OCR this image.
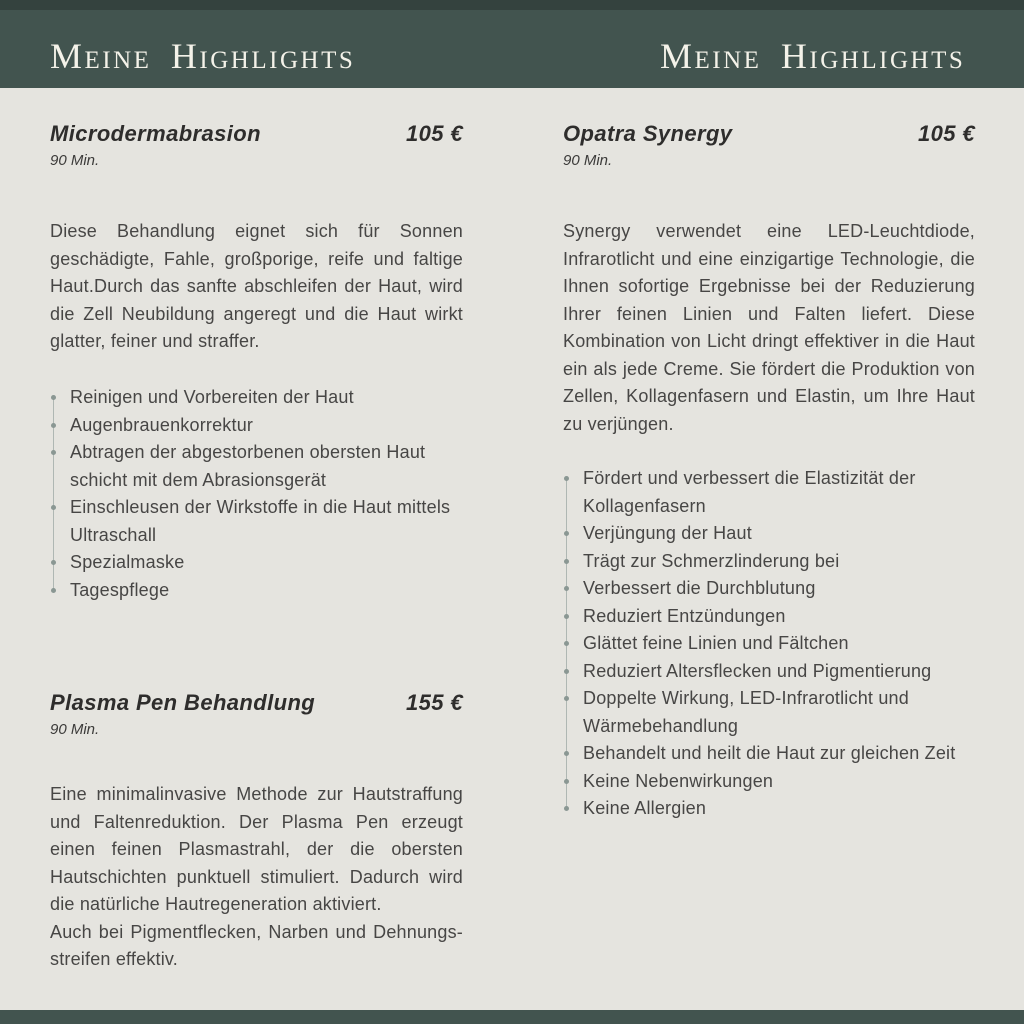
Meine Highlights	Meine Highlights
Microdermabrasion	105 €
90 Min.

Diese Behandlung eignet sich für Sonnen geschädigte, Fahle, großporige, reife und faltige Haut.Durch das sanfte abschleifen der Haut, wird die Zell Neubildung angeregt und die Haut wirkt glatter, feiner und straffer.

Reinigen und Vorbereiten der Haut
Augenbrauenkorrektur
Abtragen der abgestorbenen obersten Haut schicht mit dem Abrasionsgerät
Einschleusen der Wirkstoffe in die Haut mittels Ultraschall
Spezialmaske
Tagespflege
Plasma Pen Behandlung	155 €
90 Min.

Eine minimalinvasive Methode zur Hautstraffung und Faltenreduktion. Der Plasma Pen erzeugt einen feinen Plasmastrahl, der die obersten Hautschichten punktuell stimuliert. Dadurch wird die natürliche Hautregeneration aktiviert.
Auch bei Pigmentflecken, Narben und Dehnungs-streifen effektiv.

Opatra Synergy	105 €
90 Min.

Synergy verwendet eine LED-Leuchtdiode, Infrarotlicht und eine einzigartige Technologie, die Ihnen sofortige Ergebnisse bei der Reduzierung Ihrer feinen Linien und Falten liefert. Diese Kombination von Licht dringt effektiver in die Haut ein als jede Creme. Sie fördert die Produktion von Zellen, Kollagenfasern und Elastin, um Ihre Haut zu verjüngen.

Fördert und verbessert die Elastizität der Kollagenfasern
Verjüngung der Haut
Trägt zur Schmerzlinderung bei
Verbessert die Durchblutung
Reduziert Entzündungen
Glättet feine Linien und Fältchen
Reduziert Altersflecken und Pigmentierung
Doppelte Wirkung, LED-Infrarotlicht und Wärmebehandlung
Behandelt und heilt die Haut zur gleichen Zeit
Keine Nebenwirkungen
Keine Allergien
